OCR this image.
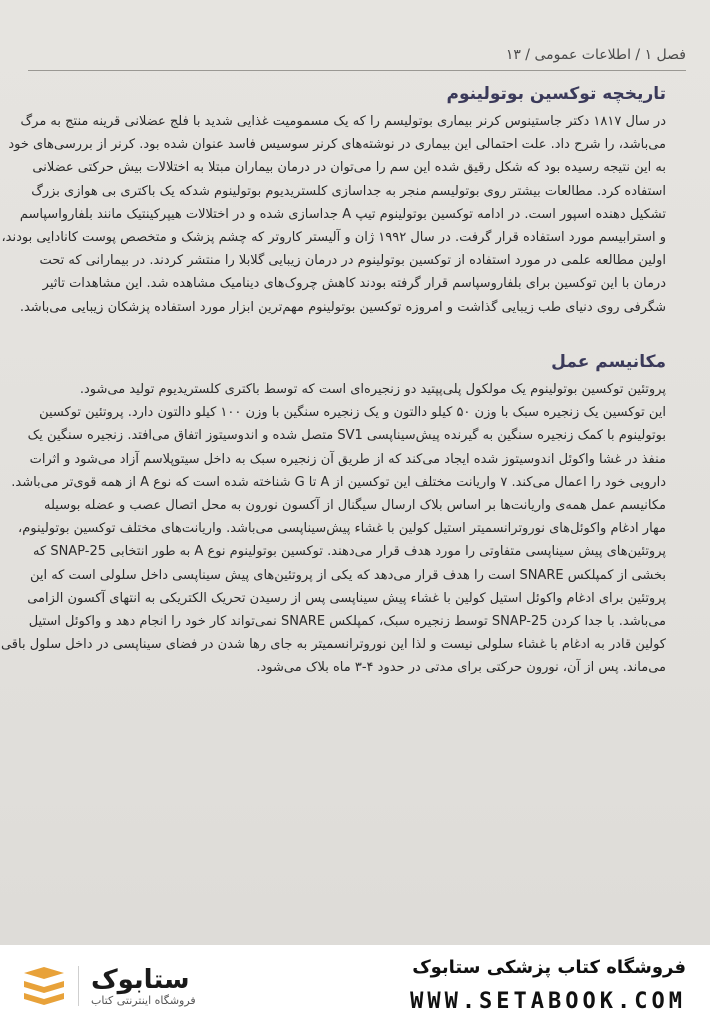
فصل ۱ / اطلاعات عمومی / ۱۳
تاریخچه توکسین بوتولینوم
در سال ۱۸۱۷ دکتر جاستینوس کرنر بیماری بوتولیسم را که یک مسمومیت غذایی شدید با فلج عضلانی قرینه منتج به مرگ
می‌باشد، را شرح داد. علت احتمالی این بیماری در نوشته‌های کرنر سوسیس فاسد عنوان شده بود. کرنر از بررسی‌های خود
به این نتیجه رسیده بود که شکل رقیق شده این سم را می‌توان در درمان بیماران مبتلا به اختلالات بیش حرکتی عضلانی
استفاده کرد. مطالعات بیشتر روی بوتولیسم منجر به جداسازی کلستریدیوم بوتولینوم شدکه یک باکتری بی هوازی بزرگ
تشکیل دهنده اسپور است. در ادامه توکسین بوتولینوم تیپ A جداسازی شده و در اختلالات هیپرکینتیک مانند بلفارواسپاسم
و استرابیسم مورد استفاده قرار گرفت. در سال ۱۹۹۲ ژان و آلیستر کاروتر که چشم پزشک و متخصص پوست کانادایی بودند،
اولین مطالعه علمی در مورد استفاده از توکسین بوتولینوم در درمان زیبایی گلابلا را منتشر کردند. در بیمارانی که تحت
درمان با این توکسین برای بلفاروسپاسم قرار گرفته بودند کاهش چروک‌های دینامیک مشاهده شد. این مشاهدات تاثیر
شگرفی روی دنیای طب زیبایی گذاشت و امروزه توکسین بوتولینوم مهم‌ترین ابزار مورد استفاده پزشکان زیبایی می‌باشد.
مکانیسم عمل
پروتئین توکسین بوتولینوم یک مولکول پلی‌پپتید دو زنجیره‌ای است که توسط باکتری کلستریدیوم تولید می‌شود.
این توکسین یک زنجیره سبک با وزن ۵۰ کیلو دالتون و یک زنجیره سنگین با وزن ۱۰۰ کیلو دالتون دارد. پروتئین توکسین
بوتولینوم با کمک زنجیره سنگین به گیرنده پیش‌سیناپسی SV1 متصل شده و اندوسیتوز اتفاق می‌افتد. زنجیره سنگین یک
منفذ در غشا واکوئل اندوسیتوز شده ایجاد می‌کند که از طریق آن زنجیره سبک به داخل سیتوپلاسم آزاد می‌شود و اثرات
دارویی خود را اعمال می‌کند. ۷ واریانت مختلف این توکسین از A تا G شناخته شده است که نوع A از همه قوی‌تر می‌باشد.
مکانیسم عمل همه‌ی واریانت‌ها بر اساس بلاک ارسال سیگنال از آکسون نورون به محل اتصال عصب و عضله بوسیله
مهار ادغام واکوئل‌های نوروترانسمیتر استیل کولین با غشاء پیش‌سیناپسی می‌باشد. واریانت‌های مختلف توکسین بوتولینوم،
پروتئین‌های پیش سیناپسی متفاوتی را مورد هدف قرار می‌دهند. توکسین بوتولینوم نوع A به طور انتخابی SNAP-25 که
بخشی از کمپلکس SNARE است را هدف قرار می‌دهد که یکی از پروتئین‌های پیش سیناپسی داخل سلولی است که این
پروتئین برای ادغام واکوئل استیل کولین با غشاء پیش سیناپسی پس از رسیدن تحریک الکتریکی به انتهای آکسون الزامی
می‌باشد. با جدا کردن SNAP-25 توسط زنجیره سبک، کمپلکس SNARE نمی‌تواند کار خود را انجام دهد و واکوئل استیل
کولین قادر به ادغام با غشاء سلولی نیست و لذا این نوروترانسمیتر به جای رها شدن در فضای سیناپسی در داخل سلول باقی
می‌ماند. پس از آن، نورون حرکتی برای مدتی در حدود ۴-۳ ماه بلاک می‌شود.
ستابوک
فروشگاه اینترنتی کتاب
فروشگاه کتاب پزشکی ستابوک
WWW.SETABOOK.COM
